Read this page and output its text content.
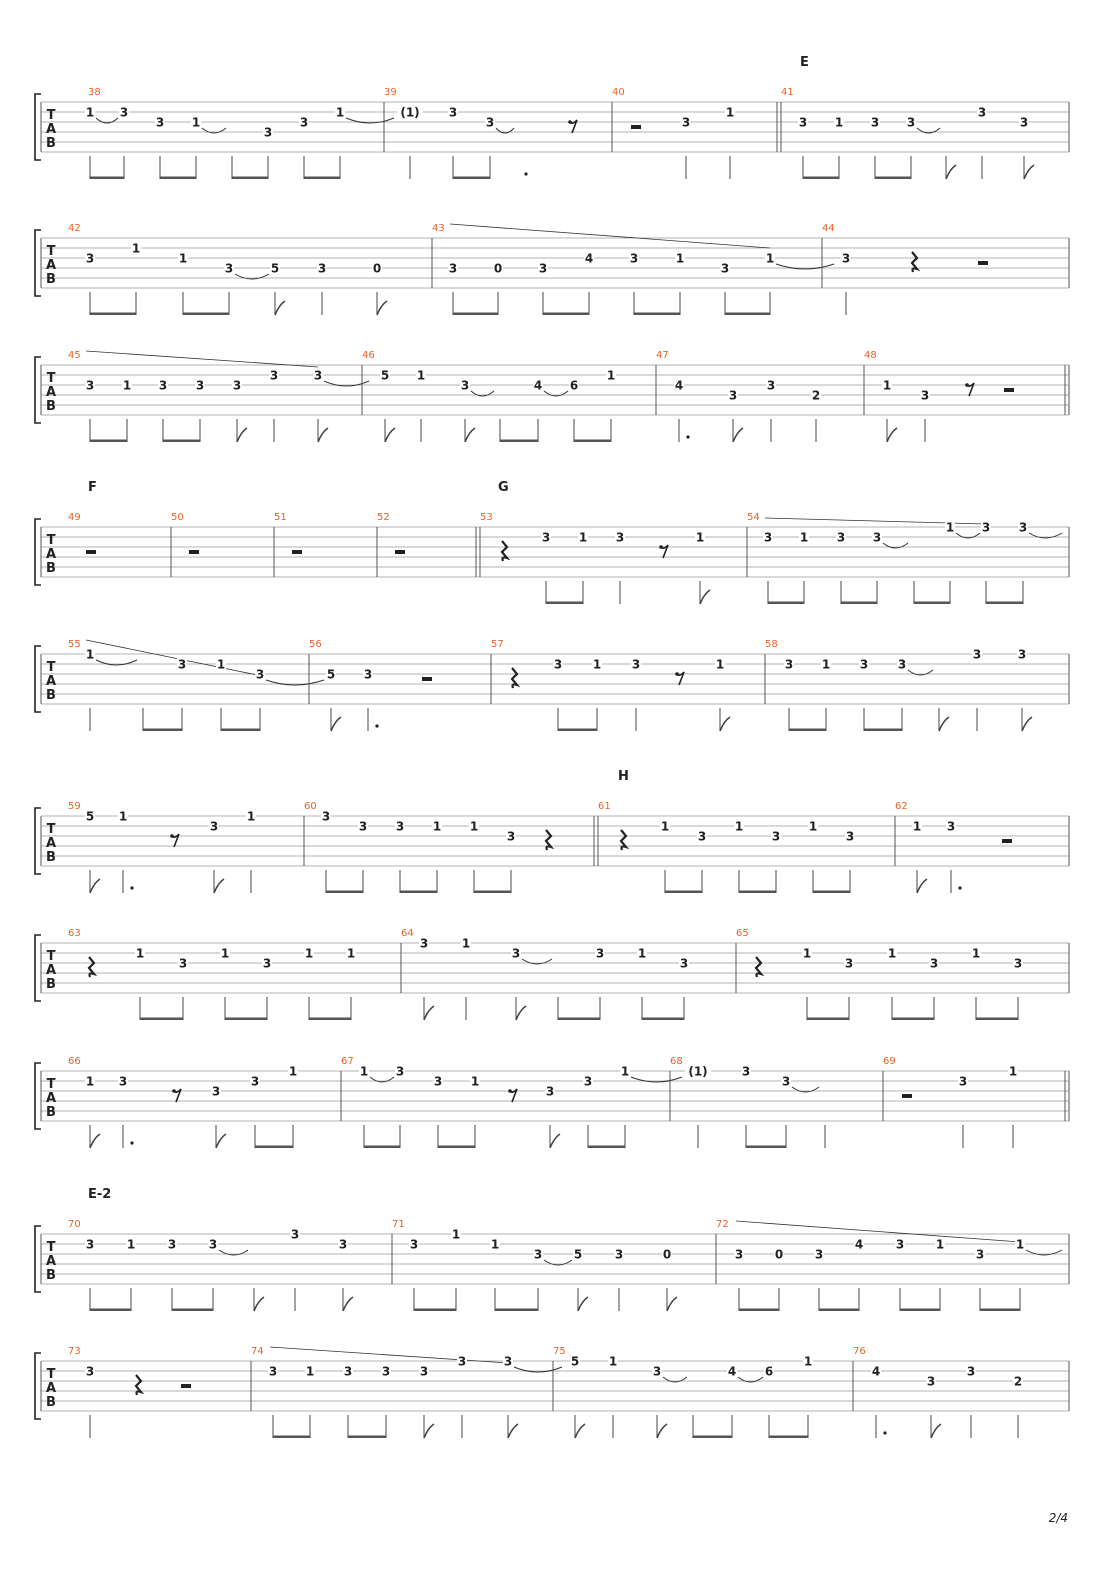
T
A
B
38
1 3
3 1
3
3
1
39
(1) 3
3
40
3
1
41
E
3 1 3 3
3
3
T
A
B
42
3
1
1
3	5	3	0
43
3	0	3
4	3	1
3
1
44
3
T
A
B
45
3 1 3 3 3
3	3
46
5 1
3	4 6
1
47
4
3
3
2
48
1
3
T
A
B
49
F
50	51	52	53
G
3 1 3	1
54
3 1 3 3
1 3 3
T
A
B
55
1
3	1
3
56
5 3
57
3	1	3	1
58
3 1 3 3
3	3
T
A
B
59
5 1
3
1
60
3
3 3 1 1
3
61
H
1
3
1
3
1
3
62
1 3
T
A
B
63
1
3
1
3
1	1
64
3	1
3	3	1
3
65
1
3
1
3
1
3
T
A
B
66
1 3
3
3
1
67
1 3
3 1
3
3
1
68
(1)	3
3
69
3
1
T
A
B
70
E-2
3	1	3	3
3
3
71
3
1
1
3	5	3	0
72
3	0	3
4	3	1
3
1
T
A
B
73
3
74
3 1 3 3 3
3	3
75
5 1
3	4 6
1
76
4
3
3
2
2/4
